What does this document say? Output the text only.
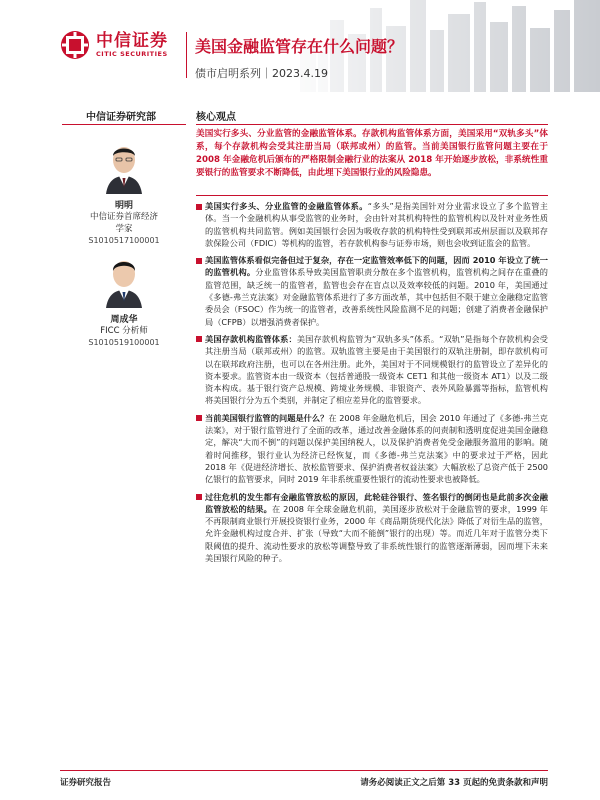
中信证券
CITIC SECURITIES 美国金融监管存在什么问题？
债市启明系列｜2023.4.19
中信证券研究部
明明
中信证券首席经济
学家
S1010517100001
周成华
FICC 分析师
S1010519100001
核心观点
美国实行多头、分业监管的金融监管体系。存款机构监管体系方面，美国采用“双轨多头”体系，每个存款机构会受其注册当局（联邦或州）的监管。当前美国银行监管问题主要在于 2008 年金融危机后颁布的严格限制金融行业的法案从 2018 年开始逐步放松，非系统性重要银行的监管要求不断降低，由此埋下美国银行业的风险隐患。
美国实行多头、分业监管的金融监管体系。“多头”是指美国针对分业需求设立了多个监管主体。当一个金融机构从事受监管的业务时，会由针对其机构特性的监管机构以及针对业务性质的监管机构共同监管。例如美国银行会因为吸收存款的机构特性受到联邦或州层面以及联邦存款保险公司（FDIC）等机构的监管，若存款机构参与证券市场，则也会收到证监会的监管。
美国监管体系看似完备但过于复杂，存在一定监管效率低下的问题，因而 2010 年设立了统一的监管机构。分业监管体系导致美国监管职责分散在多个监管机构，监管机构之间存在重叠的监管范围，缺乏统一的监管者，监管也会存在盲点以及效率较低的问题。2010 年，美国通过《多德-弗兰克法案》对金融监管体系进行了多方面改革，其中包括但不限于建立金融稳定监管委员会（FSOC）作为统一的监管者，改善系统性风险监测不足的问题；创建了消费者金融保护局（CFPB）以增强消费者保护。
美国存款机构监管体系：美国存款机构监管为“双轨多头”体系。“双轨”是指每个存款机构会受其注册当局（联邦或州）的监管。双轨监管主要是由于美国银行的双轨注册制，即存款机构可以在联邦政府注册，也可以在各州注册。此外，美国对于不同规模银行的监管设立了差异化的资本要求。监管资本由一级资本（包括普通股一级资本 CET1 和其他一级资本 AT1）以及二级资本构成。基于银行资产总规模、跨境业务规模、非银资产、表外风险暴露等指标，监管机构将美国银行分为五个类别，并制定了相应差异化的监管要求。
当前美国银行监管的问题是什么？在 2008 年金融危机后，国会 2010 年通过了《多德-弗兰克法案》，对于银行监管进行了全面的改革，通过改善金融体系的问责制和透明度促进美国金融稳定，解决“大而不倒”的问题以保护美国纳税人，以及保护消费者免受金融服务滥用的影响。随着时间推移，银行业认为经济已经恢复，而《多德-弗兰克法案》中的要求过于严格，因此 2018 年《促进经济增长、放松监管要求、保护消费者权益法案》大幅放松了总资产低于 2500 亿银行的监管要求，同时 2019 年非系统重要性银行的流动性要求也被降低。
过往危机的发生都有金融监管放松的原因，此轮硅谷银行、签名银行的倒闭也是此前多次金融监管放松的结果。在 2008 年全球金融危机前，美国逐步放松对于金融监管的要求，1999 年不再限制商业银行开展投资银行业务，2000 年《商品期货现代化法》降低了对衍生品的监管，允许金融机构过度合并、扩张（导致“大而不能倒”银行的出现）等。而近几年对于监管分类下限阈值的提升、流动性要求的放松等调整导致了非系统性银行的监管逐渐薄弱，因而埋下未来美国银行风险的种子。
证券研究报告	请务必阅读正文之后第 33 页起的免责条款和声明
